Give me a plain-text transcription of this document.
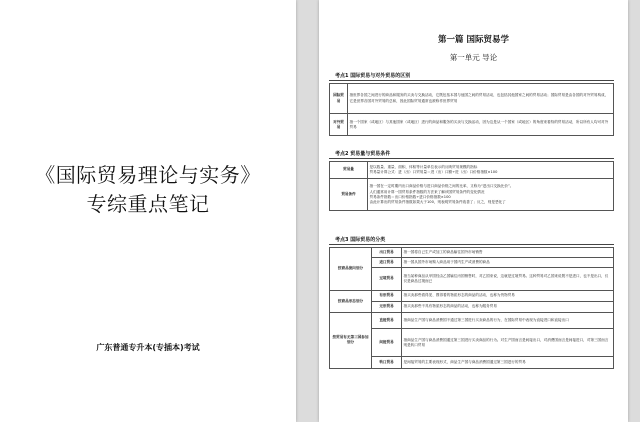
《国际贸易理论与实务》
专综重点笔记
广东普通专升本(专插本)考试
第一篇 国际贸易学
第一单元 导论
考点1 国际贸易与对外贸易的区别
国际贸易	指世界各国之间进行的商品和服务的买卖与交换活动，它既包括本国与他国之间的贸易活动，也包括其他国家之间的贸易活动；国际贸易是由各国的对外贸易构成，它是世界各国对外贸易的总和，因此国际贸易通常也被称作世界贸易
对外贸易	指一个国家（或地区）与其他国家（或地区）进行的商品和服务的买卖与交换活动，因为这是从一个国家（或地区）的角度来看待的贸易活动，所以所有人均可对外贸易
考点2 贸易量与贸易条件
贸易量	是以数量、重量、面积、体积等计量单位表示的反映贸易规模的指标
贸易量计算公式：进（出）口贸易量＝进（出）口额÷进（出）口价格指数×100

贸易条件	指一国在一定时期内出口商品价格与进口商品价格之间的比率，又称为“进出口交换比价”。
人们通常用计算一国贸易条件指数的方法来了解该国贸易条件的变化情况
贸易条件指数＝出口价格指数÷进口价格指数×100
由此计算出的贸易条件指数如果大于100，则表明贸易条件改善了；反之，则是恶化了
考点3 国际贸易的分类
按商品流向划分	出口贸易	指一国将自己生产或加工的商品输往国外市场销售
	进口贸易	指一国从国外市场购入商品用于国内生产或消费的商品
	过境贸易	指当某种商品从甲国经由乙国输往丙国销售时，对乙国来说，这就是过境贸易。这种贸易对乙国来说既不是进口，也不是出口，仅仅是商品过境而已
按商品形态划分	有形贸易	指买卖那些看得见、摸得着的物质形态的商品的活动，也称为货物贸易
	无形贸易	指买卖那些不具有物质形态的商品的活动，也称为服务贸易
按贸易有无第三国参加划分	直接贸易	指商品生产国与商品消费国不通过第三国进行买卖商品的行为，在国际贸易中表现为直接进口和直接出口
	间接贸易	指商品生产国与商品消费国通过第三国进行买卖商品的行为。对生产国而言是间接出口，对消费国而言是间接进口，对第三国而言则是转口贸易
	转口贸易	是间接贸易的主要表现形式，商品生产国与商品消费国通过第三国进行的贸易
